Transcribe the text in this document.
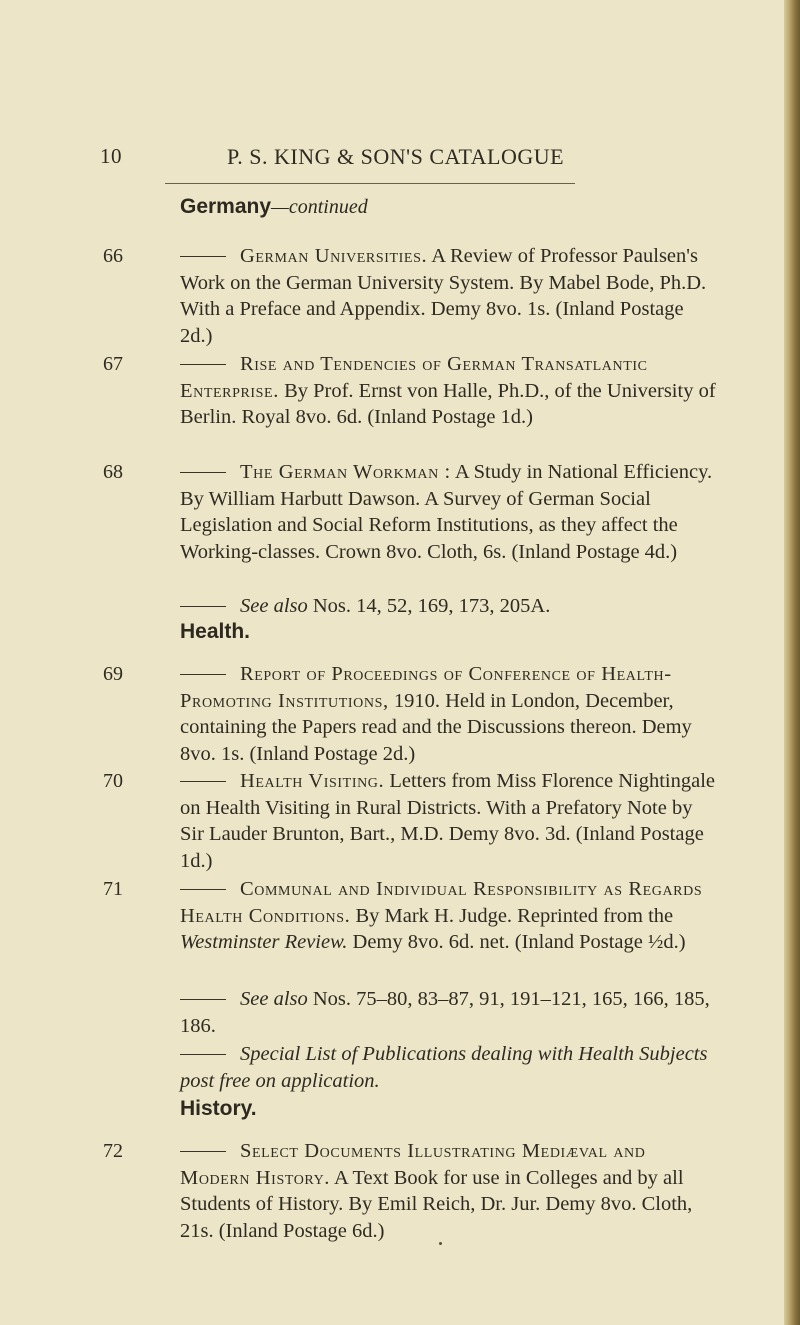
10	P. S. KING & SON'S CATALOGUE
Germany—continued
66	German Universities. A Review of Professor Paulsen's Work on the German University System. By Mabel Bode, Ph.D. With a Preface and Appendix. Demy 8vo. 1s. (Inland Postage 2d.)
67	Rise and Tendencies of German Transatlantic Enterprise. By Prof. Ernst von Halle, Ph.D., of the University of Berlin. Royal 8vo. 6d. (Inland Postage 1d.)
68	The German Workman : A Study in National Efficiency. By William Harbutt Dawson. A Survey of German Social Legislation and Social Reform Institutions, as they affect the Working-classes. Crown 8vo. Cloth, 6s. (Inland Postage 4d.)
See also Nos. 14, 52, 169, 173, 205A.
Health.
69	Report of Proceedings of Conference of Health-Promoting Institutions, 1910. Held in London, December, containing the Papers read and the Discussions thereon. Demy 8vo. 1s. (Inland Postage 2d.)
70	Health Visiting. Letters from Miss Florence Nightingale on Health Visiting in Rural Districts. With a Prefatory Note by Sir Lauder Brunton, Bart., M.D. Demy 8vo. 3d. (Inland Postage 1d.)
71	Communal and Individual Responsibility as Regards Health Conditions. By Mark H. Judge. Reprinted from the Westminster Review. Demy 8vo. 6d. net. (Inland Postage ½d.)
See also Nos. 75–80, 83–87, 91, 191–121, 165, 166, 185, 186.
Special List of Publications dealing with Health Subjects post free on application.
History.
72	Select Documents Illustrating Mediæval and Modern History. A Text Book for use in Colleges and by all Students of History. By Emil Reich, Dr. Jur. Demy 8vo. Cloth, 21s. (Inland Postage 6d.)
